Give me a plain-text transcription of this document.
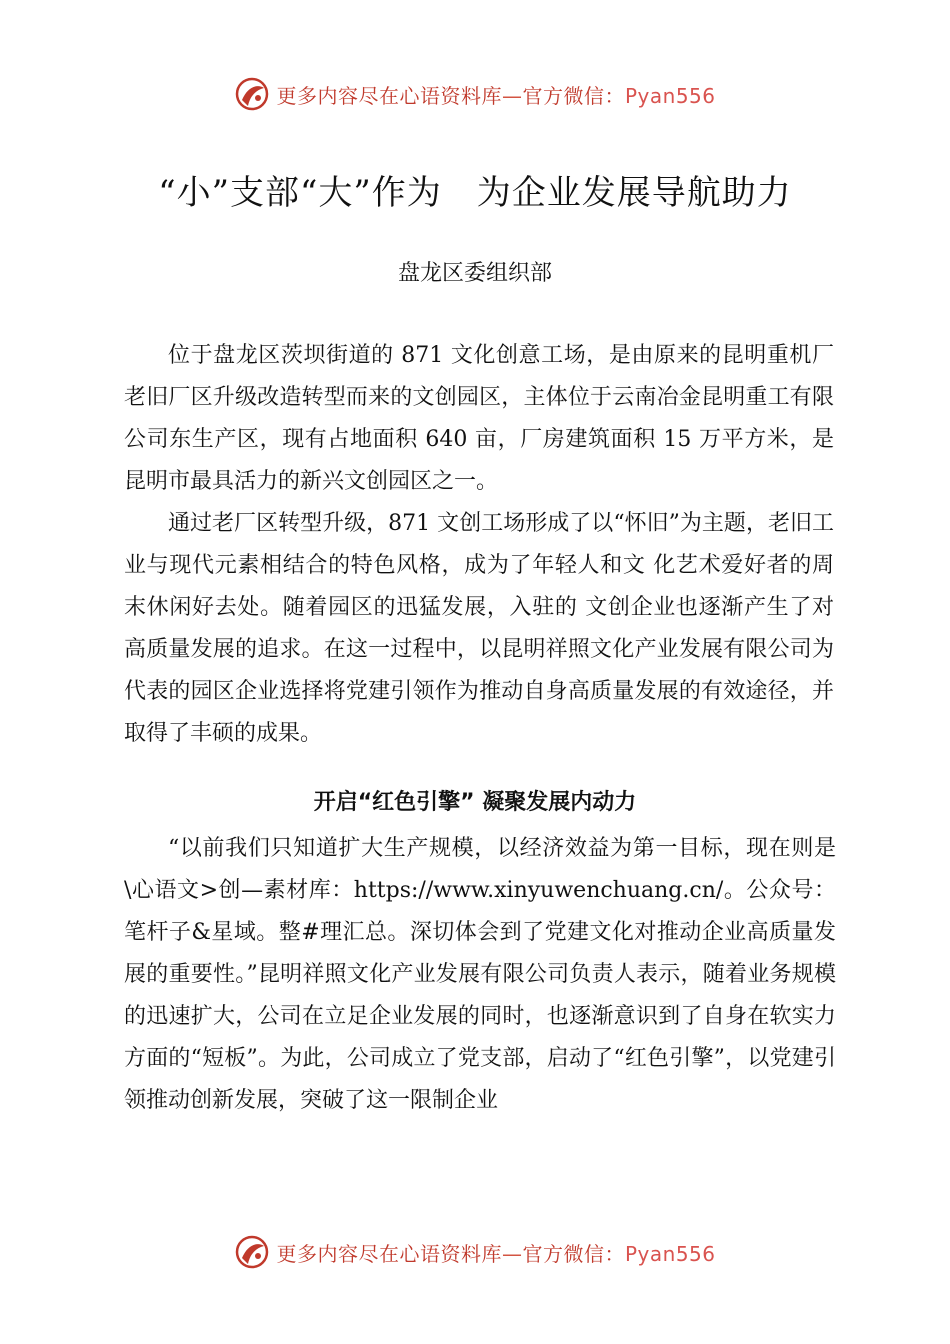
更多内容尽在心语资料库—官方微信：Pyan556
“小”支部“大”作为　为企业发展导航助力
盘龙区委组织部

位于盘龙区茨坝街道的 871 文化创意工场，是由原来的昆明重机厂老旧厂区升级改造转型而来的文创园区，主体位于云南冶金昆明重工有限公司东生产区，现有占地面积 640 亩，厂房建筑面积 15 万平方米，是昆明市最具活力的新兴文创园区之一。

通过老厂区转型升级，871 文创工场形成了以“怀旧”为主题，老旧工业与现代元素相结合的特色风格，成为了年轻人和文 化艺术爱好者的周末休闲好去处。随着园区的迅猛发展，入驻的 文创企业也逐渐产生了对高质量发展的追求。在这一过程中，以昆明祥照文化产业发展有限公司为代表的园区企业选择将党建引领作为推动自身高质量发展的有效途径，并取得了丰硕的成果。

开启“红色引擎” 凝聚发展内动力

“以前我们只知道扩大生产规模，以经济效益为第一目标，现在则是\心语文>创—素材库：https://www.xinyuwenchuang.cn/。公众号：笔杆子&星域。整#理汇总。深切体会到了党建文化对推动企业高质量发展的重要性。”昆明祥照文化产业发展有限公司负责人表示，随着业务规模的迅速扩大，公司在立足企业发展的同时，也逐渐意识到了自身在软实力方面的“短板”。为此，公司成立了党支部，启动了“红色引擎”，以党建引领推动创新发展，突破了这一限制企业

更多内容尽在心语资料库—官方微信：Pyan556
